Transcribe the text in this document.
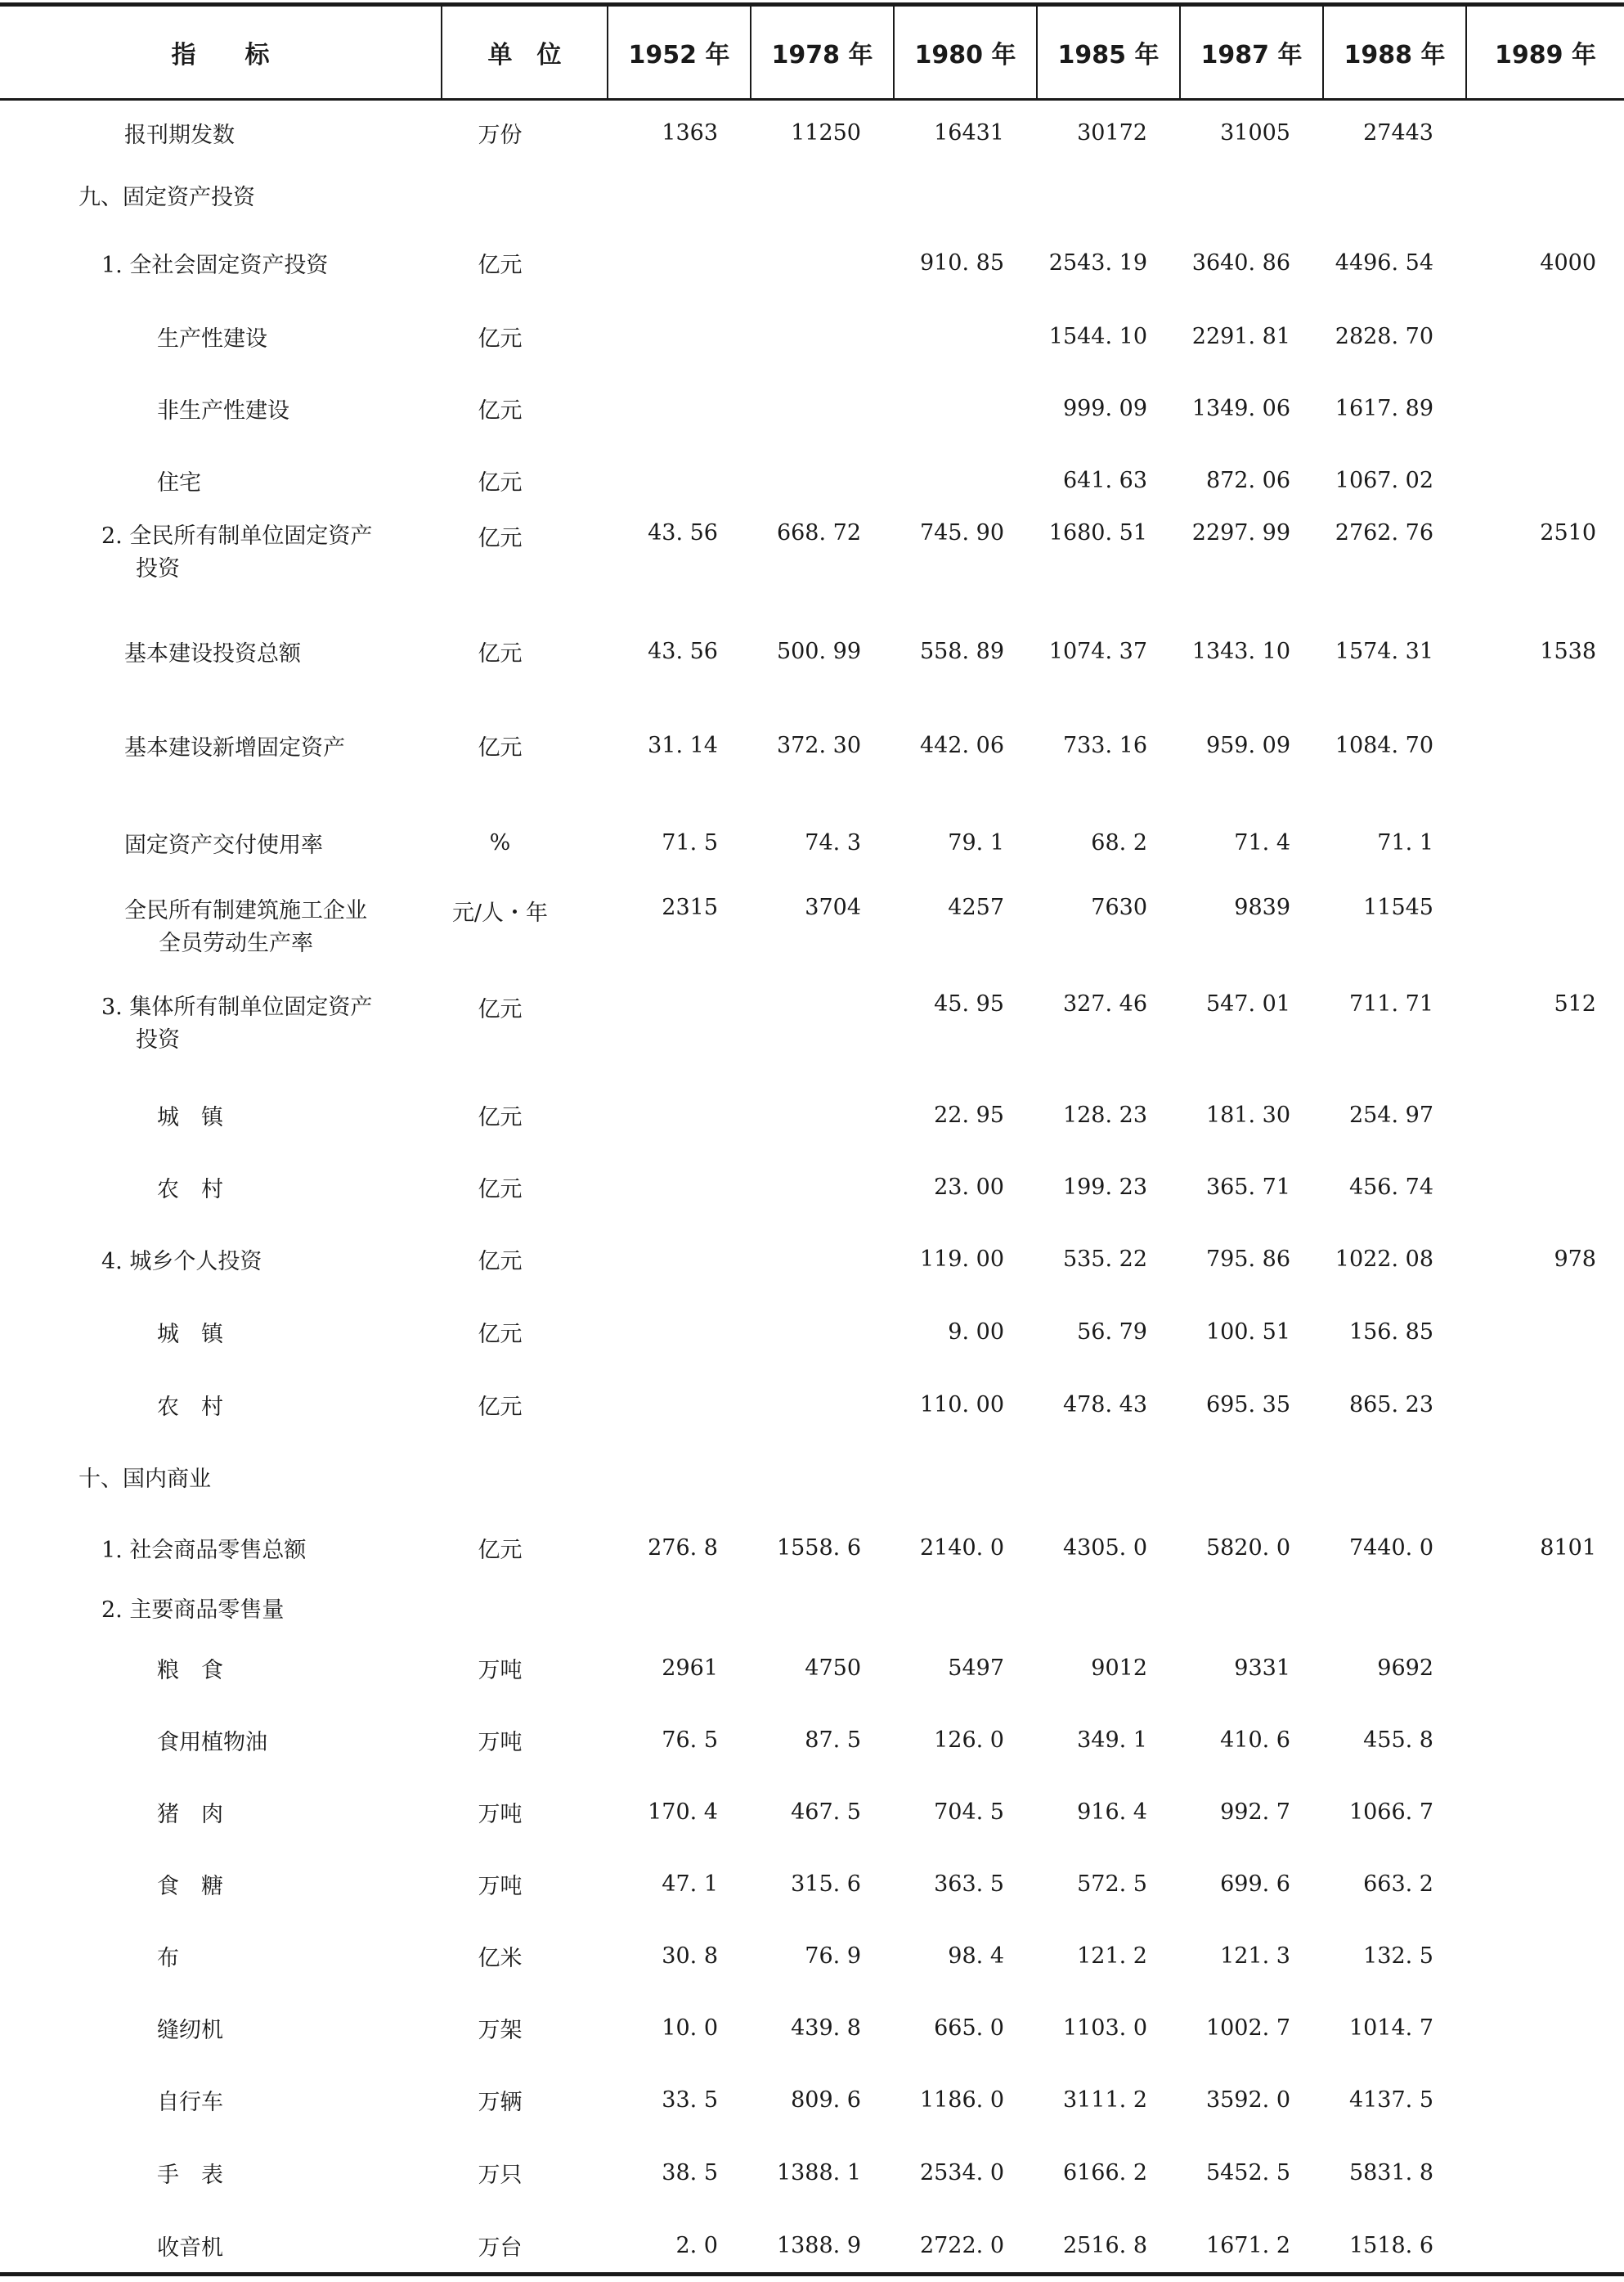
指　　标	单　位	1952 年	1978 年	1980 年	1985 年	1987 年	1988 年	1989 年
报刊期发数	万份	1363	11250	16431	30172	31005	27443	
九、固定资产投资								
1. 全社会固定资产投资	亿元			910. 85	2543. 19	3640. 86	4496. 54	4000
生产性建设	亿元				1544. 10	2291. 81	2828. 70	
非生产性建设	亿元				999. 09	1349. 06	1617. 89	
住宅	亿元				641. 63	872. 06	1067. 02	
2. 全民所有制单位固定资产
投资	亿元	43. 56	668. 72	745. 90	1680. 51	2297. 99	2762. 76	2510
基本建设投资总额	亿元	43. 56	500. 99	558. 89	1074. 37	1343. 10	1574. 31	1538
基本建设新增固定资产	亿元	31. 14	372. 30	442. 06	733. 16	959. 09	1084. 70	
固定资产交付使用率	%	71. 5	74. 3	79. 1	68. 2	71. 4	71. 1	
全民所有制建筑施工企业
全员劳动生产率	元/人・年	2315	3704	4257	7630	9839	11545	
3. 集体所有制单位固定资产
投资	亿元			45. 95	327. 46	547. 01	711. 71	512
城　镇	亿元			22. 95	128. 23	181. 30	254. 97	
农　村	亿元			23. 00	199. 23	365. 71	456. 74	
4. 城乡个人投资	亿元			119. 00	535. 22	795. 86	1022. 08	978
城　镇	亿元			9. 00	56. 79	100. 51	156. 85	
农　村	亿元			110. 00	478. 43	695. 35	865. 23	
十、国内商业								
1. 社会商品零售总额	亿元	276. 8	1558. 6	2140. 0	4305. 0	5820. 0	7440. 0	8101
2. 主要商品零售量								
粮　食	万吨	2961	4750	5497	9012	9331	9692	
食用植物油	万吨	76. 5	87. 5	126. 0	349. 1	410. 6	455. 8	
猪　肉	万吨	170. 4	467. 5	704. 5	916. 4	992. 7	1066. 7	
食　糖	万吨	47. 1	315. 6	363. 5	572. 5	699. 6	663. 2	
布	亿米	30. 8	76. 9	98. 4	121. 2	121. 3	132. 5	
缝纫机	万架	10. 0	439. 8	665. 0	1103. 0	1002. 7	1014. 7	
自行车	万辆	33. 5	809. 6	1186. 0	3111. 2	3592. 0	4137. 5	
手　表	万只	38. 5	1388. 1	2534. 0	6166. 2	5452. 5	5831. 8	
收音机	万台	2. 0	1388. 9	2722. 0	2516. 8	1671. 2	1518. 6	
